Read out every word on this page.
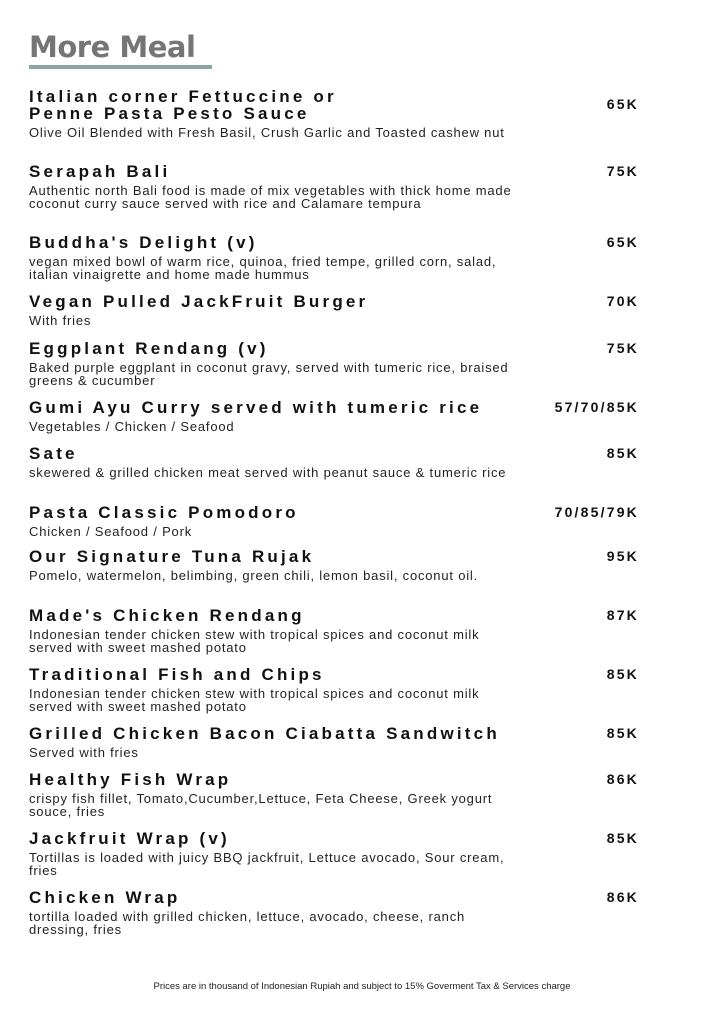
More Meal
Italian corner Fettuccine or
Penne Pasta Pesto Sauce	65K
Olive Oil Blended with Fresh Basil, Crush Garlic and Toasted cashew nut
Serapah Bali	75K
Authentic north Bali food is made of mix vegetables with thick home made coconut curry sauce served with rice and Calamare tempura
Buddha's Delight (v)	65K
vegan mixed bowl of warm rice, quinoa, fried tempe, grilled corn, salad, italian vinaigrette and home made hummus
Vegan Pulled JackFruit Burger	70K
With fries
Eggplant Rendang (v)	75K
Baked purple eggplant in coconut gravy, served with tumeric rice, braised greens & cucumber
Gumi Ayu Curry served with tumeric rice	57/70/85K
Vegetables / Chicken / Seafood
Sate	85K
skewered & grilled chicken meat served with peanut sauce & tumeric rice
Pasta Classic Pomodoro	70/85/79K
Chicken / Seafood / Pork
Our Signature Tuna Rujak	95K
Pomelo, watermelon, belimbing, green chili, lemon basil, coconut oil.
Made's Chicken Rendang	87K
Indonesian tender chicken stew with tropical spices and coconut milk served with sweet mashed potato
Traditional Fish and Chips	85K
Indonesian tender chicken stew with tropical spices and coconut milk served with sweet mashed potato
Grilled Chicken Bacon Ciabatta Sandwitch	85K
Served with fries
Healthy Fish Wrap	86K
crispy fish fillet, Tomato,Cucumber,Lettuce, Feta Cheese, Greek yogurt souce, fries
Jackfruit Wrap (v)	85K
Tortillas is loaded with juicy BBQ jackfruit, Lettuce avocado, Sour cream, fries
Chicken Wrap	86K
tortilla loaded with grilled chicken, lettuce, avocado, cheese, ranch dressing, fries
Prices are in thousand of Indonesian Rupiah and subject to 15% Goverment Tax & Services charge
